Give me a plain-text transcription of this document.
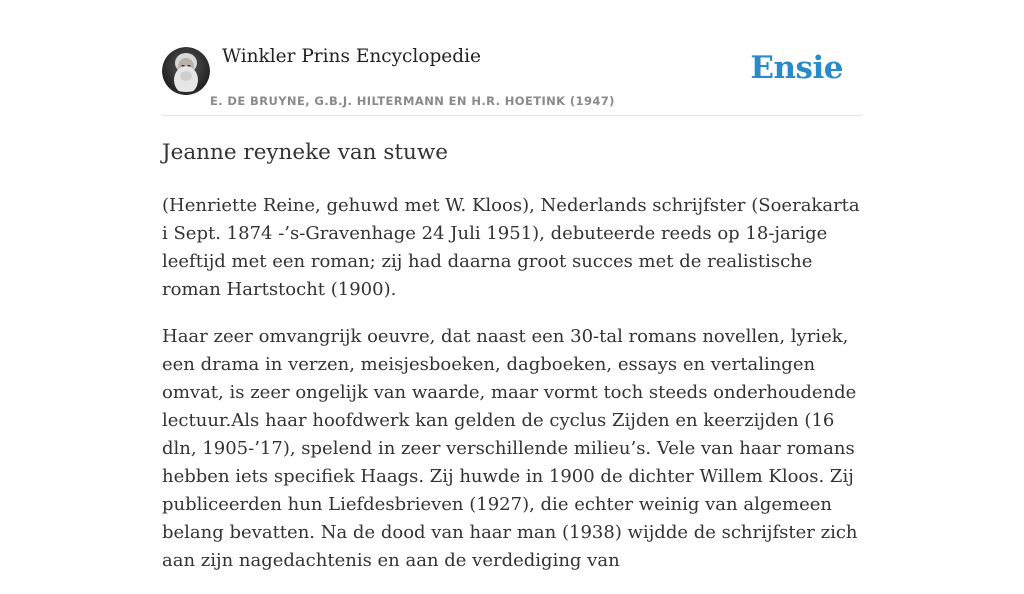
Winkler Prins Encyclopedie
E. DE BRUYNE, G.B.J. HILTERMANN EN H.R. HOETINK (1947)
Ensie
Jeanne reyneke van stuwe

(Henriette Reine, gehuwd met W. Kloos), Nederlands schrijfster (Soerakarta i Sept. 1874 -’s-Gravenhage 24 Juli 1951), debuteerde reeds op 18-jarige leeftijd met een roman; zij had daarna groot succes met de realistische roman Hartstocht (1900).

Haar zeer omvangrijk oeuvre, dat naast een 30-tal romans novellen, lyriek, een drama in verzen, meisjesboeken, dagboeken, essays en vertalingen omvat, is zeer ongelijk van waarde, maar vormt toch steeds onderhoudende lectuur.Als haar hoofdwerk kan gelden de cyclus Zijden en keerzijden (16 dln, 1905-’17), spelend in zeer verschillende milieu’s. Vele van haar romans hebben iets specifiek Haags. Zij huwde in 1900 de dichter Willem Kloos. Zij publiceerden hun Liefdesbrieven (1927), die echter weinig van algemeen belang bevatten. Na de dood van haar man (1938) wijdde de schrijfster zich aan zijn nagedachtenis en aan de verdediging van
